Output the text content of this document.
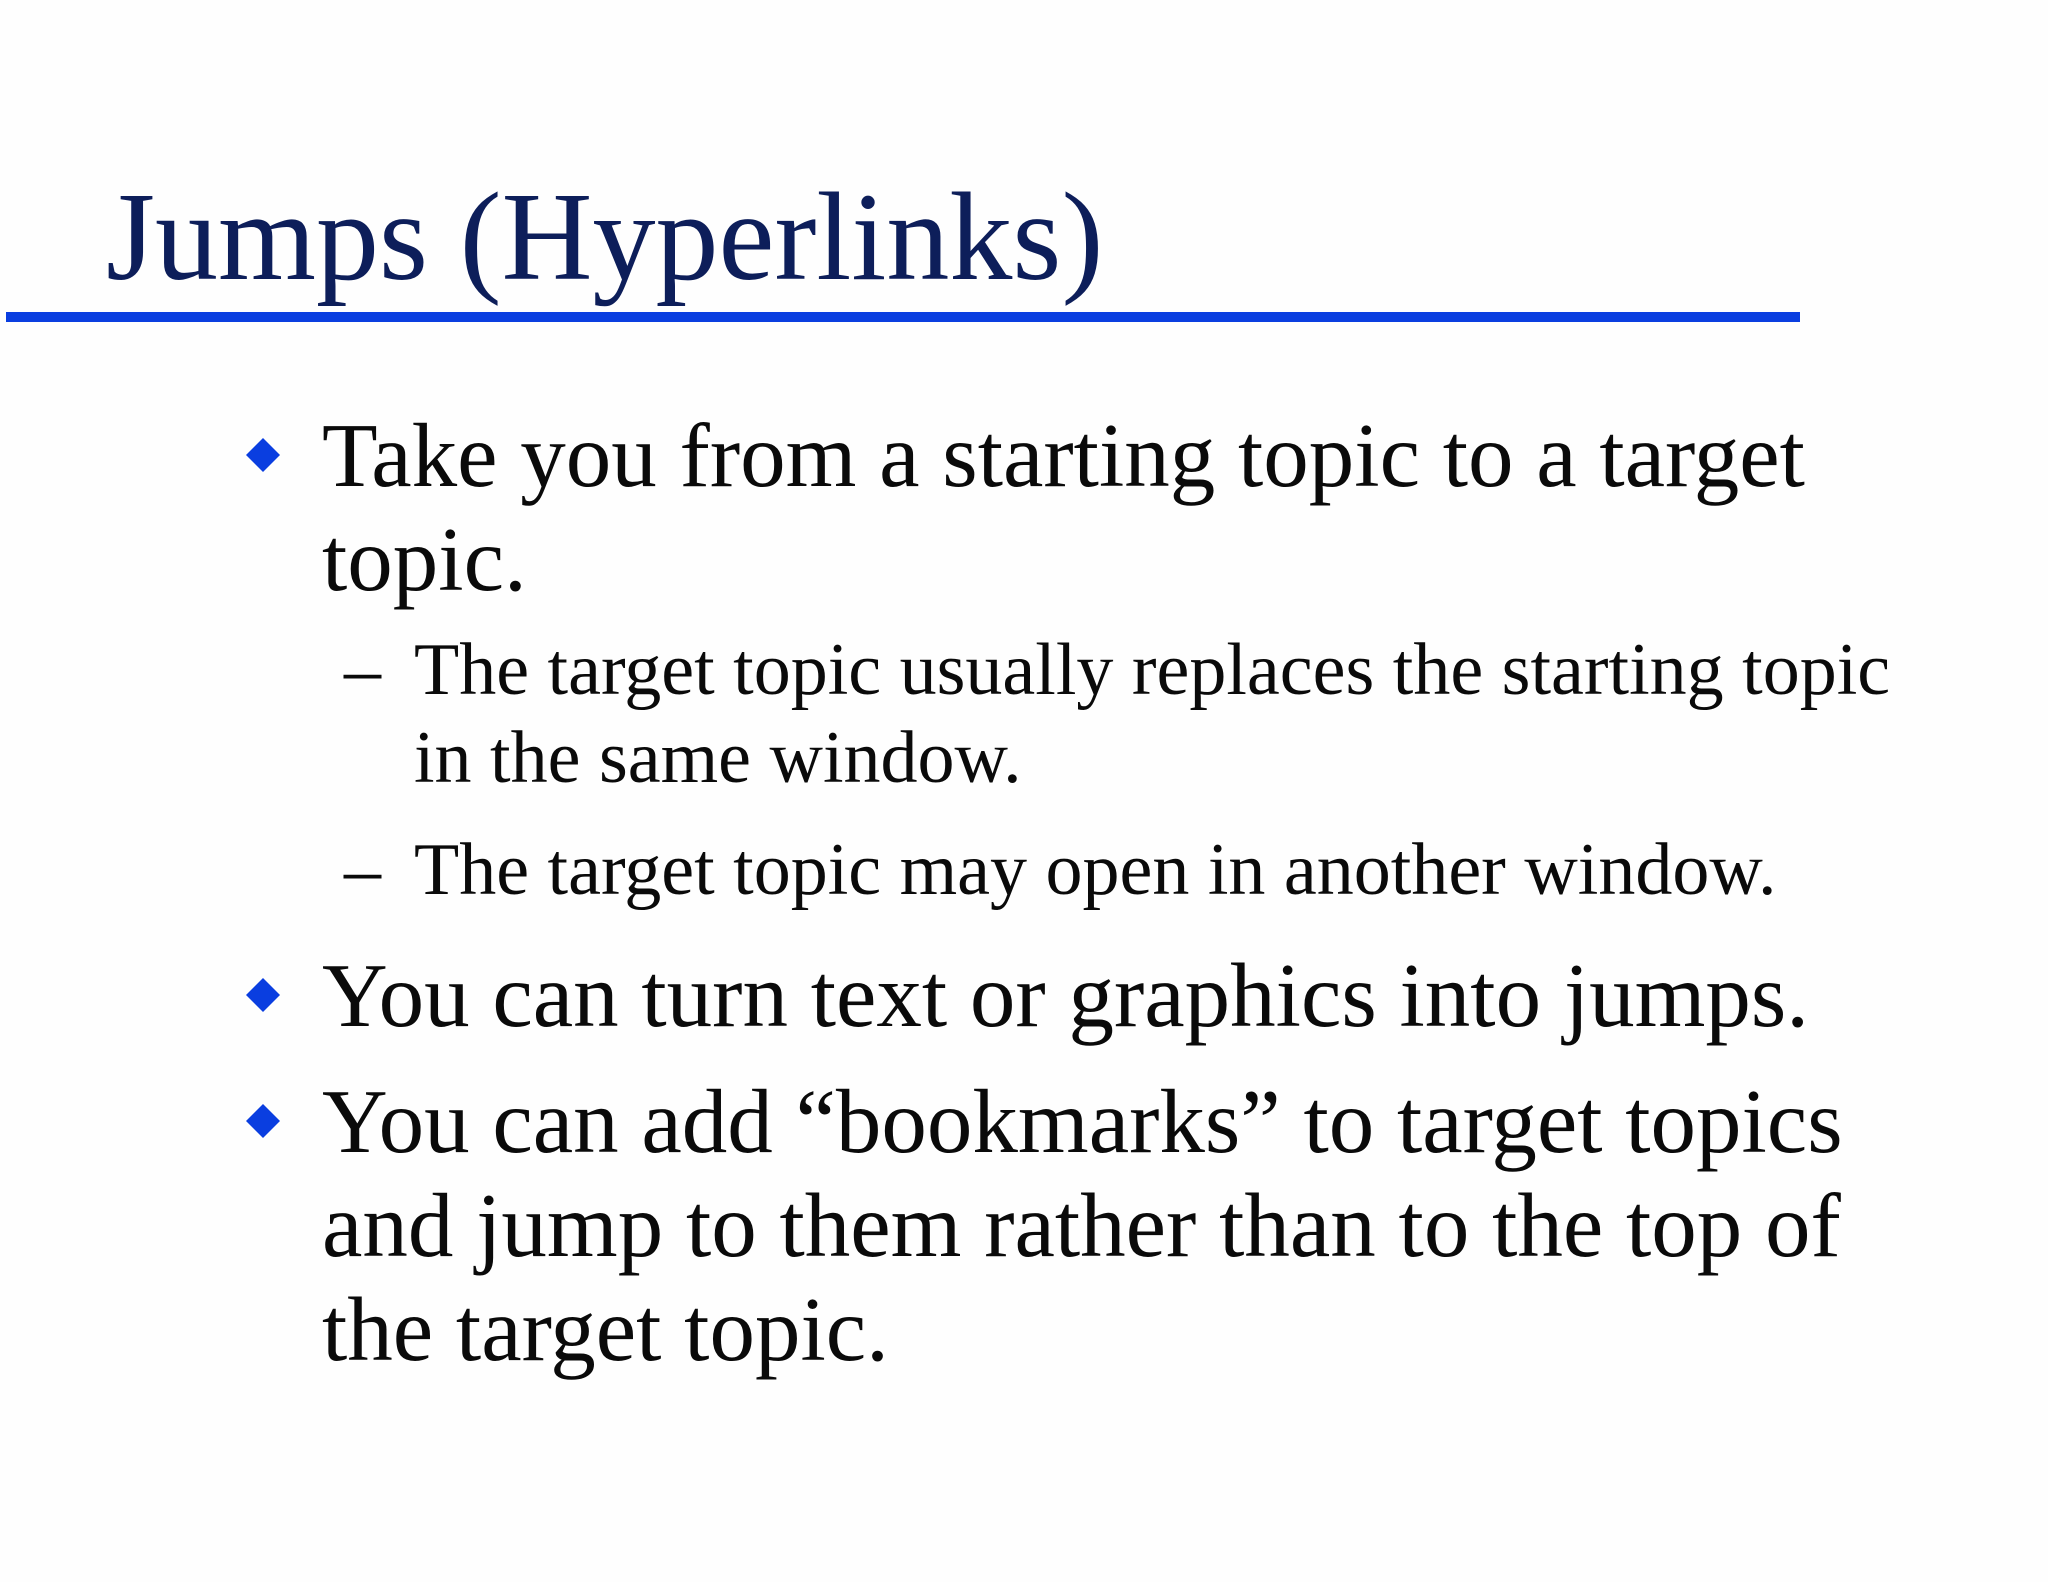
Jumps (Hyperlinks)
Take you from a starting topic to a target topic.
– The target topic usually replaces the starting topic in the same window.
– The target topic may open in another window.
You can turn text or graphics into jumps.
You can add “bookmarks” to target topics and jump to them rather than to the top of the target topic.
